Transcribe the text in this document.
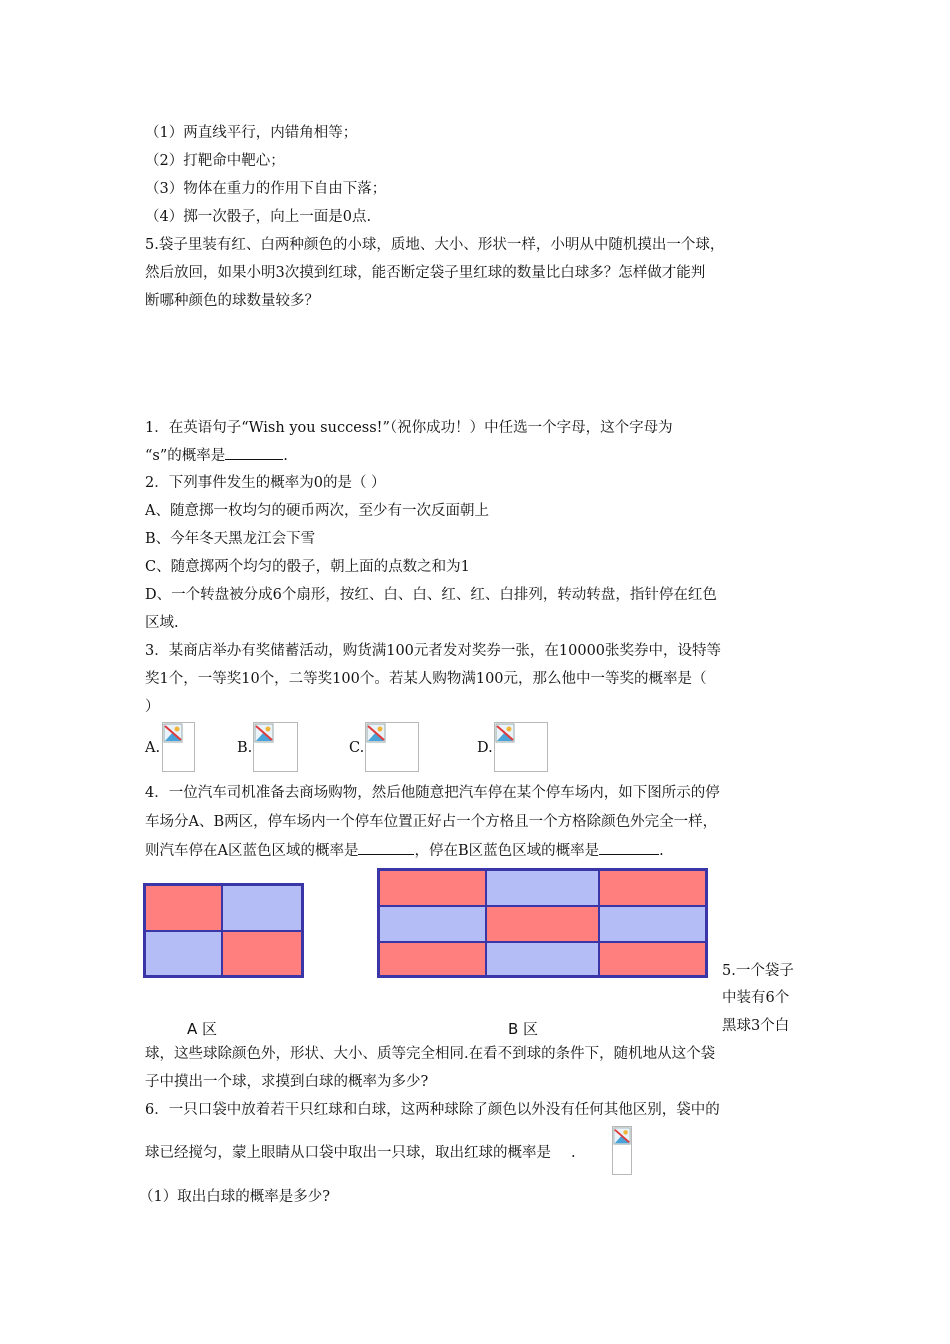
（1）两直线平行，内错角相等；
（2）打靶命中靶心；
（3）物体在重力的作用下自由下落；
（4）掷一次骰子，向上一面是0点.
5.袋子里装有红、白两种颜色的小球，质地、大小、形状一样，小明从中随机摸出一个球，
然后放回，如果小明3次摸到红球，能否断定袋子里红球的数量比白球多？怎样做才能判
断哪种颜色的球数量较多？
1．在英语句子“Wish you success!”（祝你成功！）中任选一个字母，这个字母为
“s”的概率是	.
2．下列事件发生的概率为0的是（ ）
A、随意掷一枚均匀的硬币两次，至少有一次反面朝上
B、今年冬天黑龙江会下雪
C、随意掷两个均匀的骰子，朝上面的点数之和为1
D、一个转盘被分成6个扇形，按红、白、白、红、红、白排列，转动转盘，指针停在红色
区域.
3．某商店举办有奖储蓄活动，购货满100元者发对奖券一张，在10000张奖券中，设特等
奖1个，一等奖10个，二等奖100个。若某人购物满100元，那么他中一等奖的概率是（
）
A.	B.	C.	D.
4．一位汽车司机准备去商场购物，然后他随意把汽车停在某个停车场内，如下图所示的停
车场分A、B两区，停车场内一个停车位置正好占一个方格且一个方格除颜色外完全一样，
则汽车停在A区蓝色区域的概率是	，停在B区蓝色区域的概率是	.
A 区	B 区
5.一个袋子
中装有6个
黑球3个白
球，这些球除颜色外，形状、大小、质等完全相同.在看不到球的条件下，随机地从这个袋
子中摸出一个球，求摸到白球的概率为多少?
6．一只口袋中放着若干只红球和白球，这两种球除了颜色以外没有任何其他区别，袋中的
球已经搅匀，蒙上眼睛从口袋中取出一只球，取出红球的概率是 .
（1）取出白球的概率是多少?
